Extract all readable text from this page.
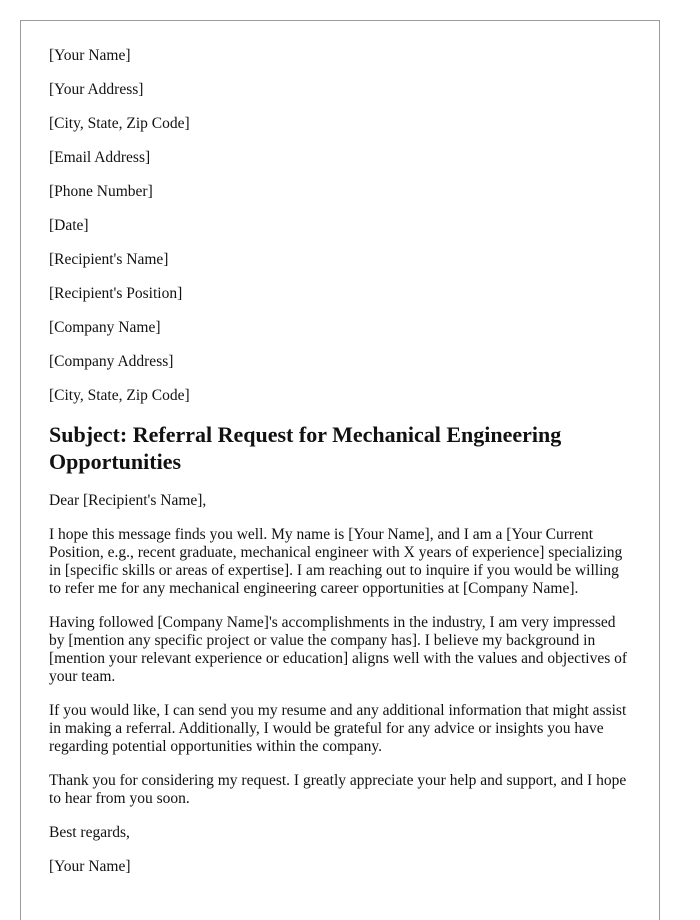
[Your Name]
[Your Address]
[City, State, Zip Code]
[Email Address]
[Phone Number]
[Date]
[Recipient's Name]
[Recipient's Position]
[Company Name]
[Company Address]
[City, State, Zip Code]
Subject: Referral Request for Mechanical Engineering Opportunities
Dear [Recipient's Name],
I hope this message finds you well. My name is [Your Name], and I am a [Your Current Position, e.g., recent graduate, mechanical engineer with X years of experience] specializing in [specific skills or areas of expertise]. I am reaching out to inquire if you would be willing to refer me for any mechanical engineering career opportunities at [Company Name].
Having followed [Company Name]'s accomplishments in the industry, I am very impressed by [mention any specific project or value the company has]. I believe my background in [mention your relevant experience or education] aligns well with the values and objectives of your team.
If you would like, I can send you my resume and any additional information that might assist in making a referral. Additionally, I would be grateful for any advice or insights you have regarding potential opportunities within the company.
Thank you for considering my request. I greatly appreciate your help and support, and I hope to hear from you soon.
Best regards,
[Your Name]
